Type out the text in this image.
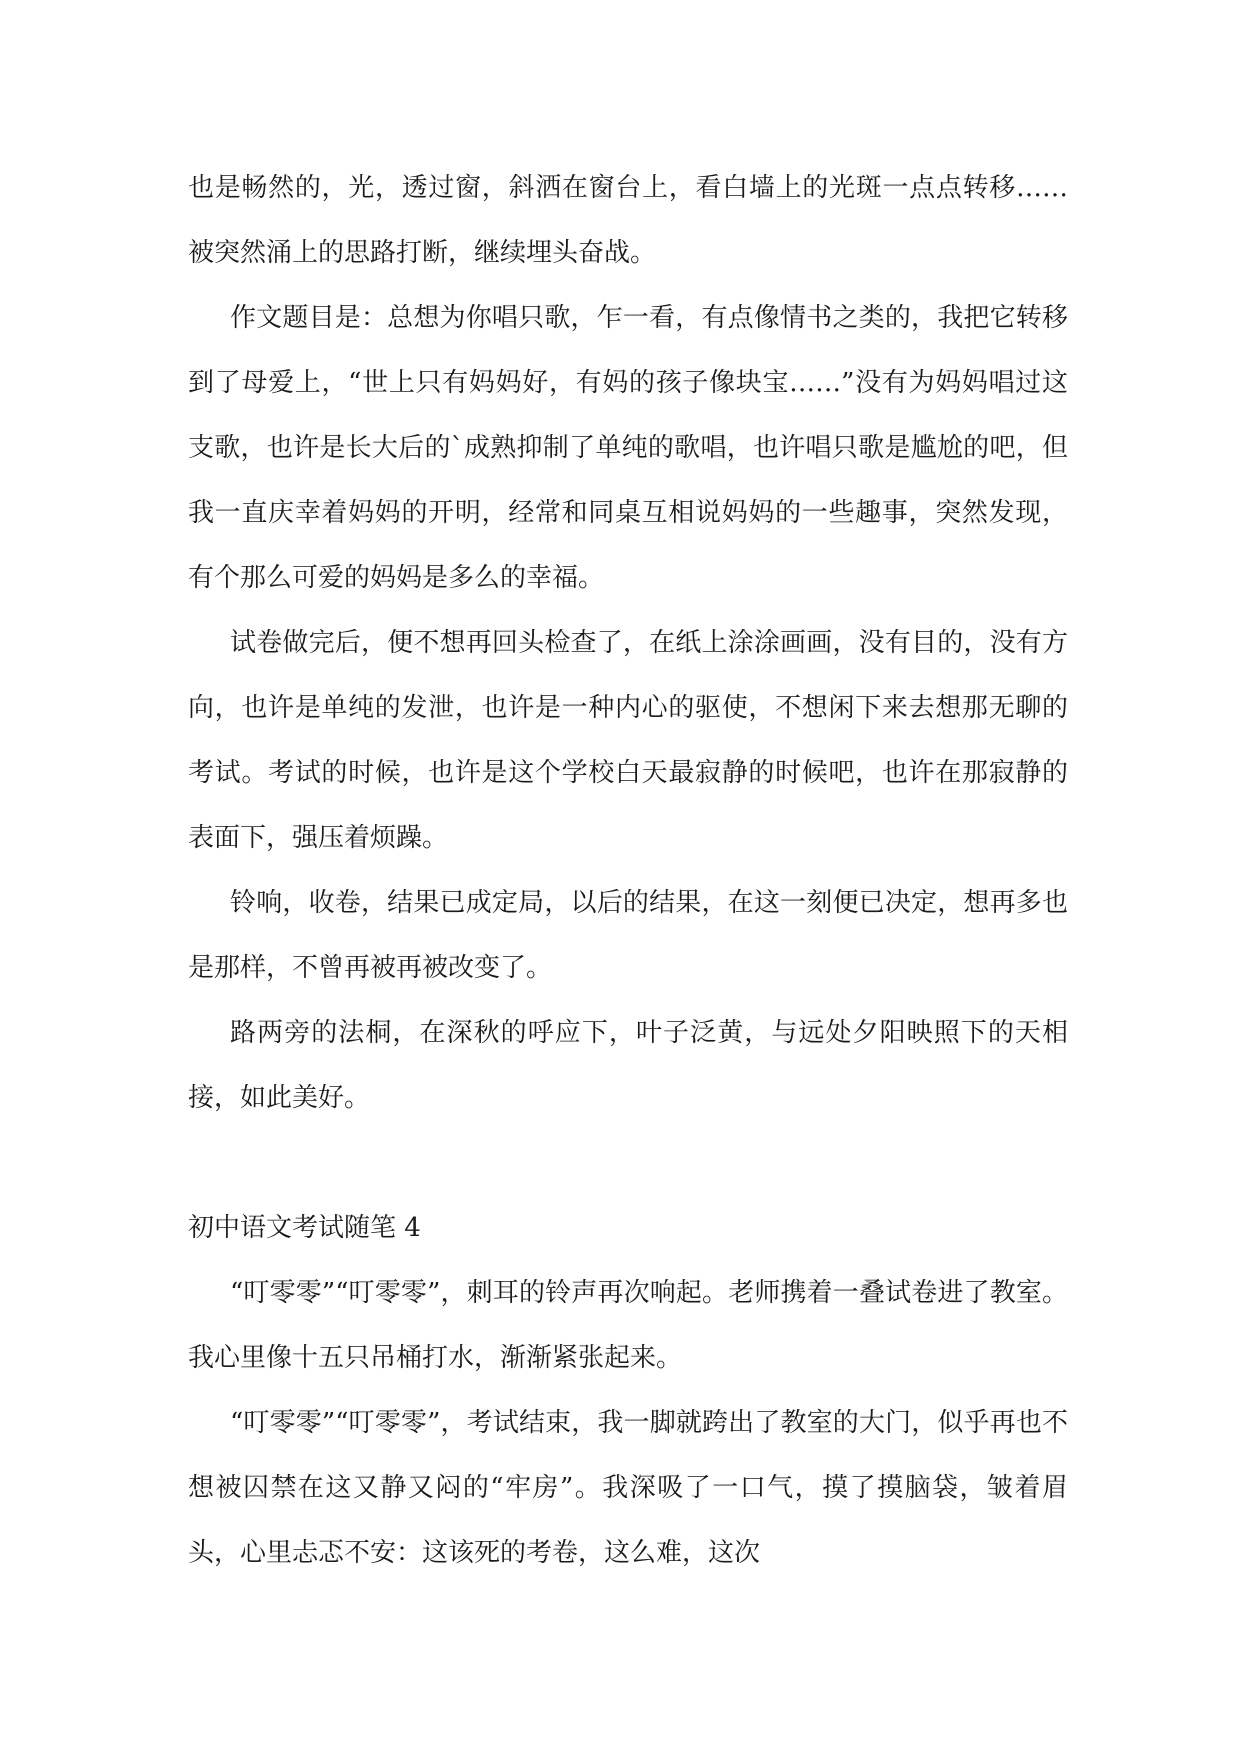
也是畅然的，光，透过窗，斜洒在窗台上，看白墙上的光斑一点点转移……被突然涌上的思路打断，继续埋头奋战。

作文题目是：总想为你唱只歌，乍一看，有点像情书之类的，我把它转移到了母爱上，“世上只有妈妈好，有妈的孩子像块宝……”没有为妈妈唱过这支歌，也许是长大后的`成熟抑制了单纯的歌唱，也许唱只歌是尴尬的吧，但我一直庆幸着妈妈的开明，经常和同桌互相说妈妈的一些趣事，突然发现，有个那么可爱的妈妈是多么的幸福。

试卷做完后，便不想再回头检查了，在纸上涂涂画画，没有目的，没有方向，也许是单纯的发泄，也许是一种内心的驱使，不想闲下来去想那无聊的考试。考试的时候，也许是这个学校白天最寂静的时候吧，也许在那寂静的表面下，强压着烦躁。

铃响，收卷，结果已成定局，以后的结果，在这一刻便已决定，想再多也是那样，不曾再被再被改变了。

路两旁的法桐，在深秋的呼应下，叶子泛黄，与远处夕阳映照下的天相接，如此美好。

初中语文考试随笔 4

“叮零零”“叮零零”，刺耳的铃声再次响起。老师携着一叠试卷进了教室。我心里像十五只吊桶打水，渐渐紧张起来。

“叮零零”“叮零零”，考试结束，我一脚就跨出了教室的大门，似乎再也不想被囚禁在这又静又闷的“牢房”。我深吸了一口气，摸了摸脑袋，皱着眉头，心里忐忑不安：这该死的考卷，这么难，这次
